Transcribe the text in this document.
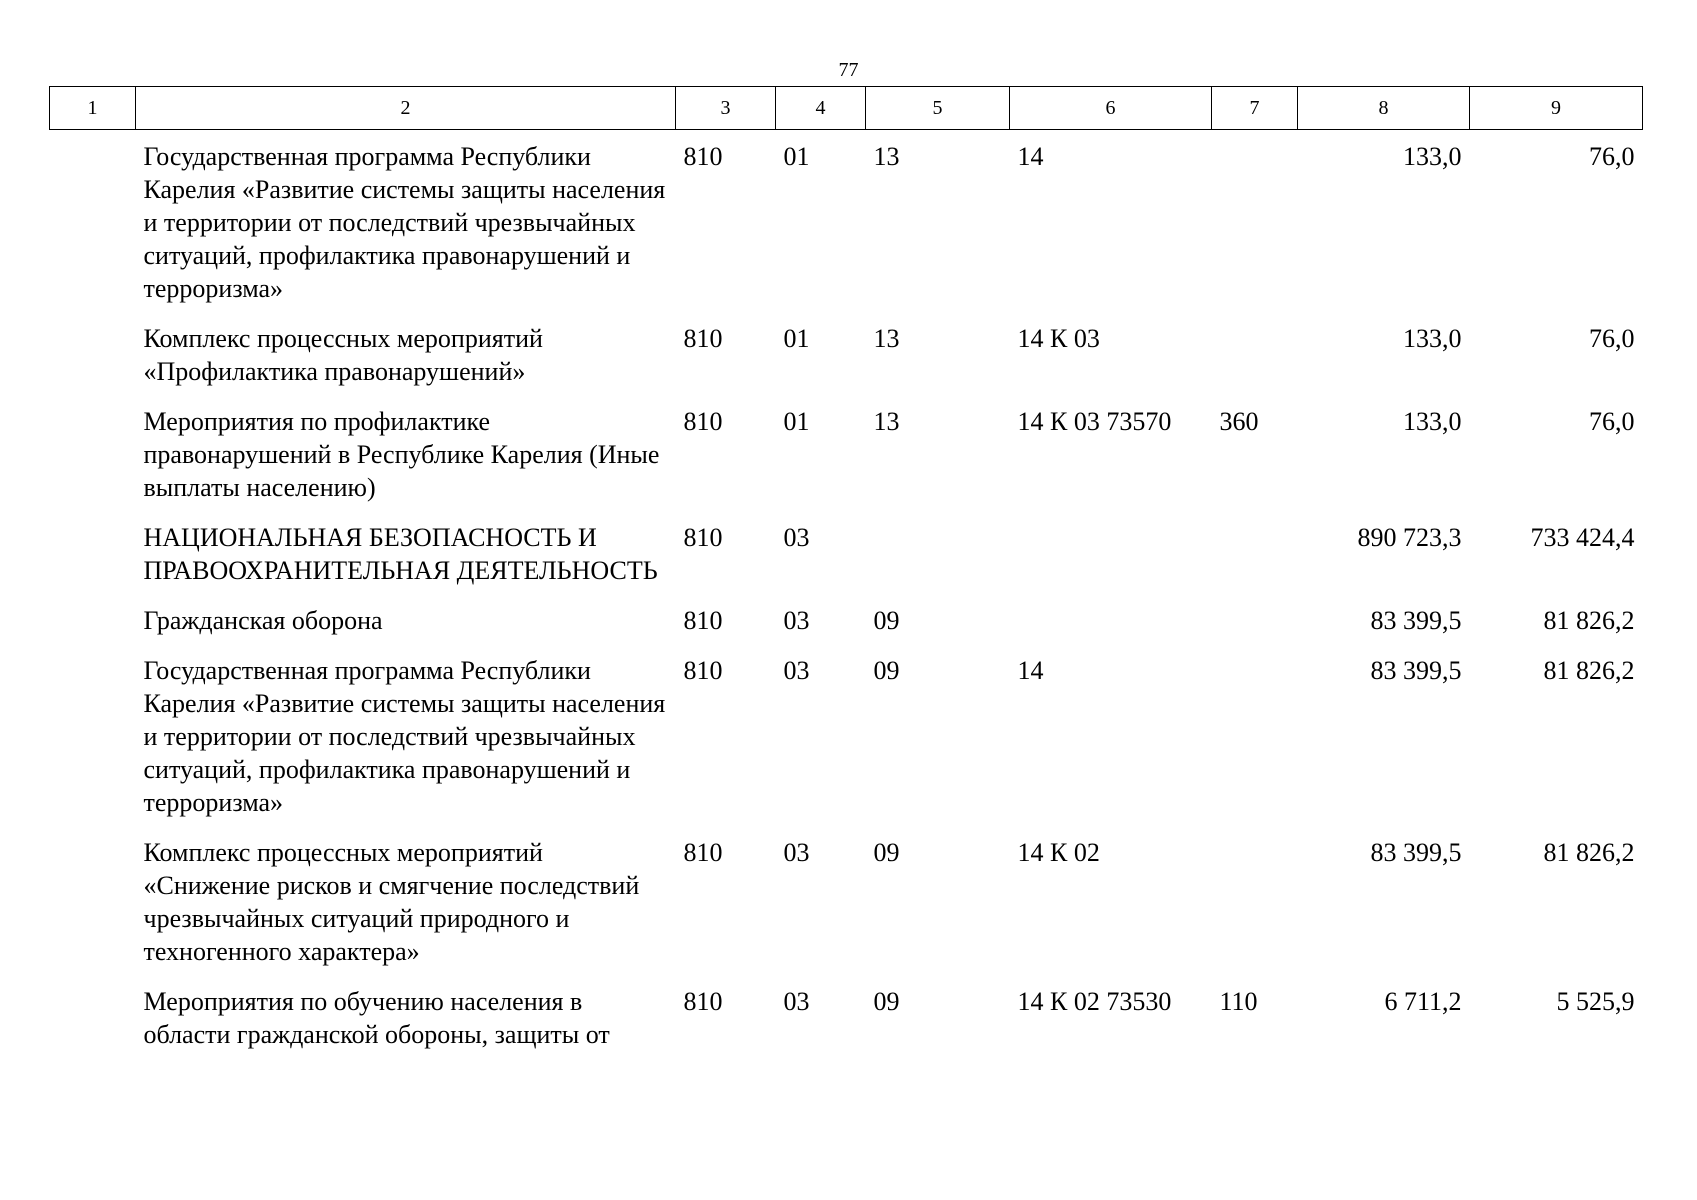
77
1	2	3	4	5	6	7	8	9
	Государственная программа Республики Карелия «Развитие системы защиты населения и территории от последствий чрезвычайных ситуаций, профилактика правонарушений и терроризма»	810	01	13	14		133,0	76,0
	Комплекс процессных мероприятий «Профилактика правонарушений»	810	01	13	14 К 03		133,0	76,0
	Мероприятия по профилактике правонарушений в Республике Карелия (Иные выплаты населению)	810	01	13	14 К 03 73570	360	133,0	76,0
	НАЦИОНАЛЬНАЯ БЕЗОПАСНОСТЬ И ПРАВООХРАНИТЕЛЬНАЯ ДЕЯТЕЛЬНОСТЬ	810	03				890 723,3	733 424,4
	Гражданская оборона	810	03	09			83 399,5	81 826,2
	Государственная программа Республики Карелия «Развитие системы защиты населения и территории от последствий чрезвычайных ситуаций, профилактика правонарушений и терроризма»	810	03	09	14		83 399,5	81 826,2
	Комплекс процессных мероприятий «Снижение рисков и смягчение последствий чрезвычайных ситуаций природного и техногенного характера»	810	03	09	14 К 02		83 399,5	81 826,2
	Мероприятия по обучению населения в области гражданской обороны, защиты от	810	03	09	14 К 02 73530	110	6 711,2	5 525,9
